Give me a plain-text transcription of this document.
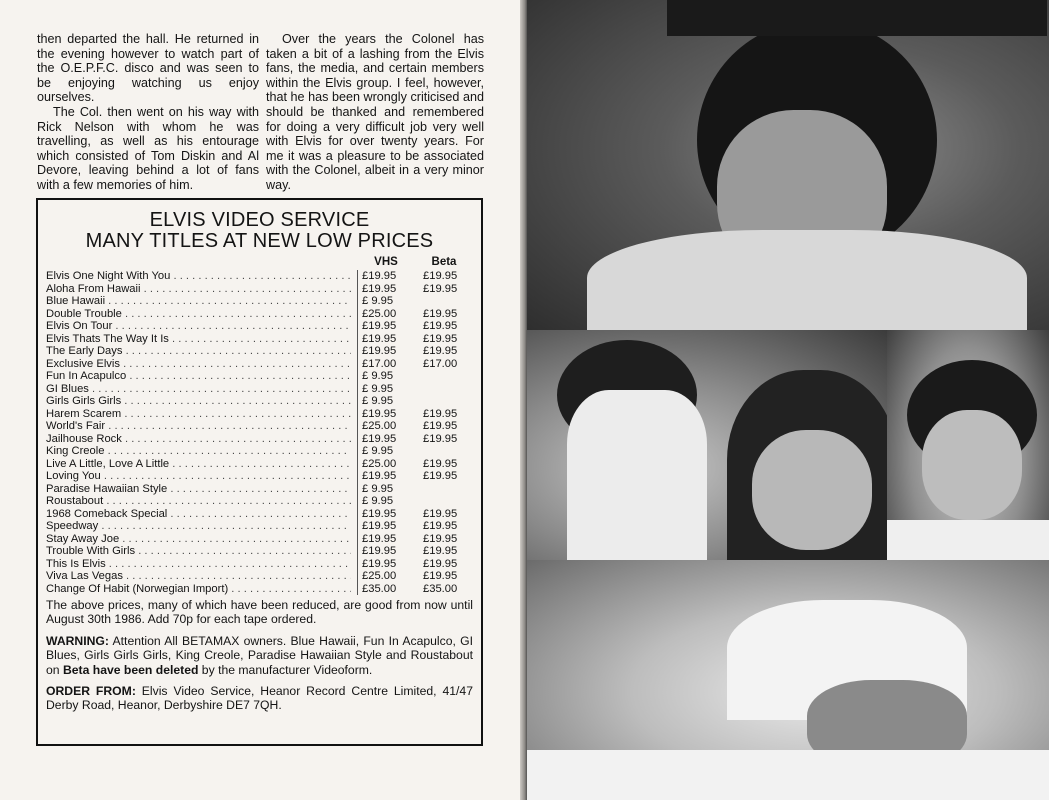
then departed the hall. He returned in the evening however to watch part of the O.E.P.F.C. disco and was seen to be enjoying watching us enjoy ourselves.

The Col. then went on his way with Rick Nelson with whom he was travelling, as well as his entourage which consisted of Tom Diskin and Al Devore, leaving behind a lot of fans with a few memories of him.

Over the years the Colonel has taken a bit of a lashing from the Elvis fans, the media, and certain members within the Elvis group. I feel, however, that he has been wrongly criticised and should be thanked and remembered for doing a very difficult job very well with Elvis for over twenty years. For me it was a pleasure to be associated with the Colonel, albeit in a very minor way.

ELVIS VIDEO SERVICE
MANY TITLES AT NEW LOW PRICES
VHS	Beta
Elvis One Night With You . . .	£19.95	£19.95
Aloha From Hawaii . . .	£19.95	£19.95
Blue Hawaii . . .	£ 9.95
Double Trouble . . .	£25.00	£19.95
Elvis On Tour . . .	£19.95	£19.95
Elvis Thats The Way It Is . . .	£19.95	£19.95
The Early Days . . .	£19.95	£19.95
Exclusive Elvis . . .	£17.00	£17.00
Fun In Acapulco . . .	£ 9.95
GI Blues . . .	£ 9.95
Girls Girls Girls . . .	£ 9.95
Harem Scarem . . .	£19.95	£19.95
World's Fair . . .	£25.00	£19.95
Jailhouse Rock . . .	£19.95	£19.95
King Creole . . .	£ 9.95
Live A Little, Love A Little . . .	£25.00	£19.95
Loving You . . .	£19.95	£19.95
Paradise Hawaiian Style . . .	£ 9.95
Roustabout . . .	£ 9.95
1968 Comeback Special . . .	£19.95	£19.95
Speedway . . .	£19.95	£19.95
Stay Away Joe . . .	£19.95	£19.95
Trouble With Girls . . .	£19.95	£19.95
This Is Elvis . . .	£19.95	£19.95
Viva Las Vegas . . .	£25.00	£19.95
Change Of Habit (Norwegian Import) . . .	£35.00	£35.00

The above prices, many of which have been reduced, are good from now until August 30th 1986. Add 70p for each tape ordered.

WARNING: Attention All BETAMAX owners. Blue Hawaii, Fun In Acapulco, GI Blues, Girls Girls Girls, King Creole, Paradise Hawaiian Style and Roustabout on Beta have been deleted by the manufacturer Videoform.

ORDER FROM: Elvis Video Service, Heanor Record Centre Limited, 41/47 Derby Road, Heanor, Derbyshire DE7 7QH.
